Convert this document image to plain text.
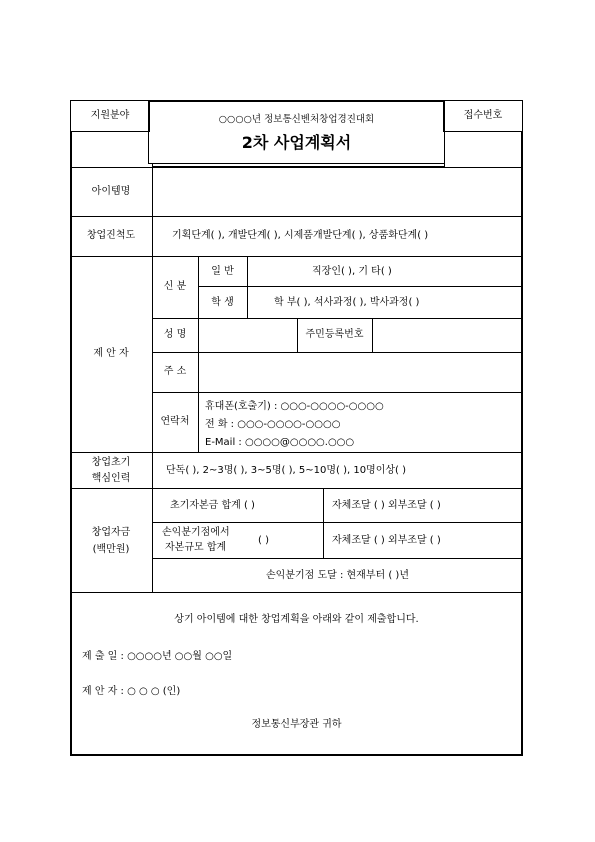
지원분야	접수번호
○○○○년 정보통신벤처창업경진대회
2차 사업계획서
아이템명
창업진척도	기획단계( ), 개발단계( ), 시제품개발단계( ), 상품화단계( )
제 안 자
신 분
일 반	직장인( ), 기 타( )
학 생	학 부( ), 석사과정( ), 박사과정( )
성 명	주민등록번호
주 소
연락처
휴대폰(호출기) : ○○○-○○○○-○○○○
전 화 : ○○○-○○○○-○○○○
E-Mail : ○○○○@○○○○.○○○
창업초기
핵심인력
단독( ), 2~3명( ), 3~5명( ), 5~10명( ), 10명이상( )
창업자금
(백만원)
초기자본금 합계 ( )	자체조달 ( ) 외부조달 ( )
손익분기점에서
자본규모 합계
( )	자체조달 ( ) 외부조달 ( )
손익분기점 도달 : 현재부터 ( )년
상기 아이템에 대한 창업계획을 아래와 같이 제출합니다.
제 출 일 : ○○○○년 ○○월 ○○일
제 안 자 : ○ ○ ○ (인)
정보통신부장관 귀하
